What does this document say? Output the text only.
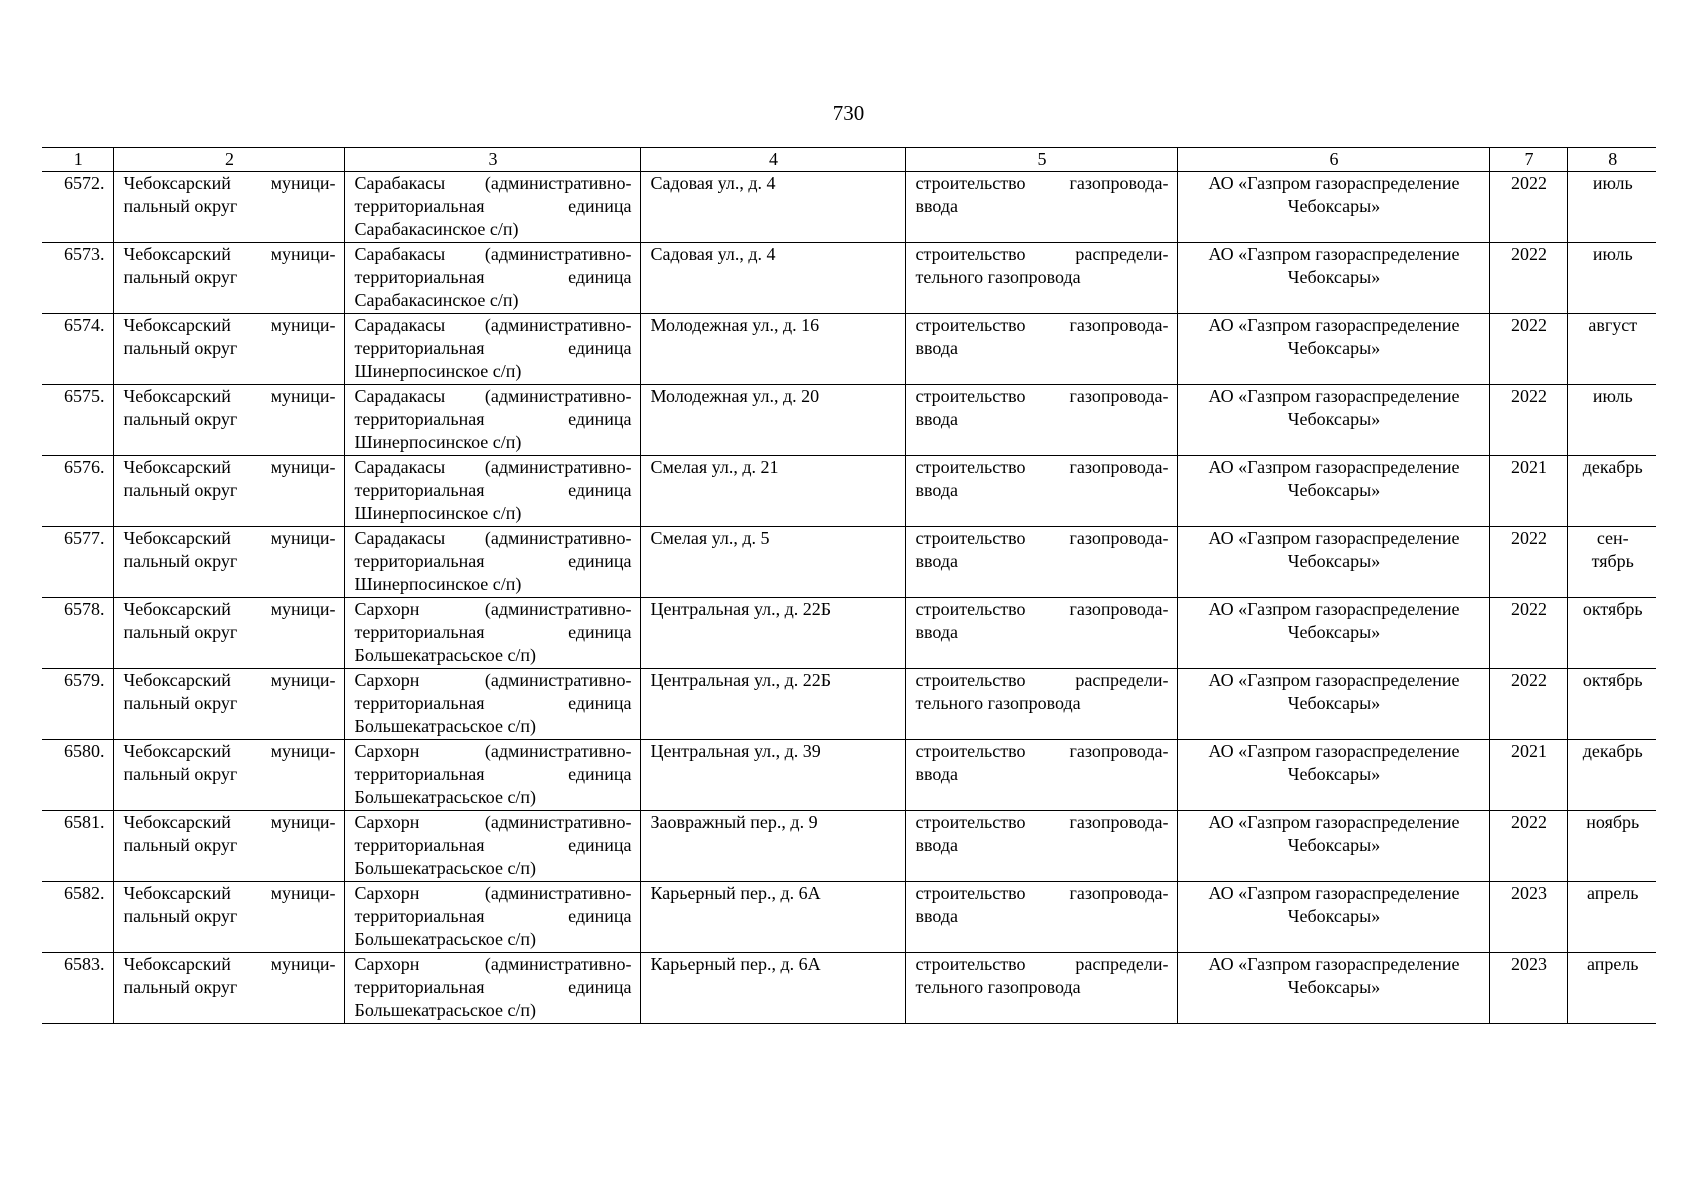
730
1	2	3	4	5	6	7	8
6572.	Чебоксарский муници-пальный округ	Сарабакасы (административно-территориальная единица Сарабакасинское с/п)	Садовая ул., д. 4	строительство газопровода-ввода	АО «Газпром газораспределение Чебоксары»	2022	июль
6573.	Чебоксарский муници-пальный округ	Сарабакасы (административно-территориальная единица Сарабакасинское с/п)	Садовая ул., д. 4	строительство распредели-тельного газопровода	АО «Газпром газораспределение Чебоксары»	2022	июль
6574.	Чебоксарский муници-пальный округ	Сарадакасы (административно-территориальная единица Шинерпосинское с/п)	Молодежная ул., д. 16	строительство газопровода-ввода	АО «Газпром газораспределение Чебоксары»	2022	август
6575.	Чебоксарский муници-пальный округ	Сарадакасы (административно-территориальная единица Шинерпосинское с/п)	Молодежная ул., д. 20	строительство газопровода-ввода	АО «Газпром газораспределение Чебоксары»	2022	июль
6576.	Чебоксарский муници-пальный округ	Сарадакасы (административно-территориальная единица Шинерпосинское с/п)	Смелая ул., д. 21	строительство газопровода-ввода	АО «Газпром газораспределение Чебоксары»	2021	декабрь
6577.	Чебоксарский муници-пальный округ	Сарадакасы (административно-территориальная единица Шинерпосинское с/п)	Смелая ул., д. 5	строительство газопровода-ввода	АО «Газпром газораспределение Чебоксары»	2022	сен-тябрь
6578.	Чебоксарский муници-пальный округ	Сархорн (административно-территориальная единица Большекатрасьское с/п)	Центральная ул., д. 22Б	строительство газопровода-ввода	АО «Газпром газораспределение Чебоксары»	2022	октябрь
6579.	Чебоксарский муници-пальный округ	Сархорн (административно-территориальная единица Большекатрасьское с/п)	Центральная ул., д. 22Б	строительство распредели-тельного газопровода	АО «Газпром газораспределение Чебоксары»	2022	октябрь
6580.	Чебоксарский муници-пальный округ	Сархорн (административно-территориальная единица Большекатрасьское с/п)	Центральная ул., д. 39	строительство газопровода-ввода	АО «Газпром газораспределение Чебоксары»	2021	декабрь
6581.	Чебоксарский муници-пальный округ	Сархорн (административно-территориальная единица Большекатрасьское с/п)	Заовражный пер., д. 9	строительство газопровода-ввода	АО «Газпром газораспределение Чебоксары»	2022	ноябрь
6582.	Чебоксарский муници-пальный округ	Сархорн (административно-территориальная единица Большекатрасьское с/п)	Карьерный пер., д. 6А	строительство газопровода-ввода	АО «Газпром газораспределение Чебоксары»	2023	апрель
6583.	Чебоксарский муници-пальный округ	Сархорн (административно-территориальная единица Большекатрасьское с/п)	Карьерный пер., д. 6А	строительство распредели-тельного газопровода	АО «Газпром газораспределение Чебоксары»	2023	апрель
